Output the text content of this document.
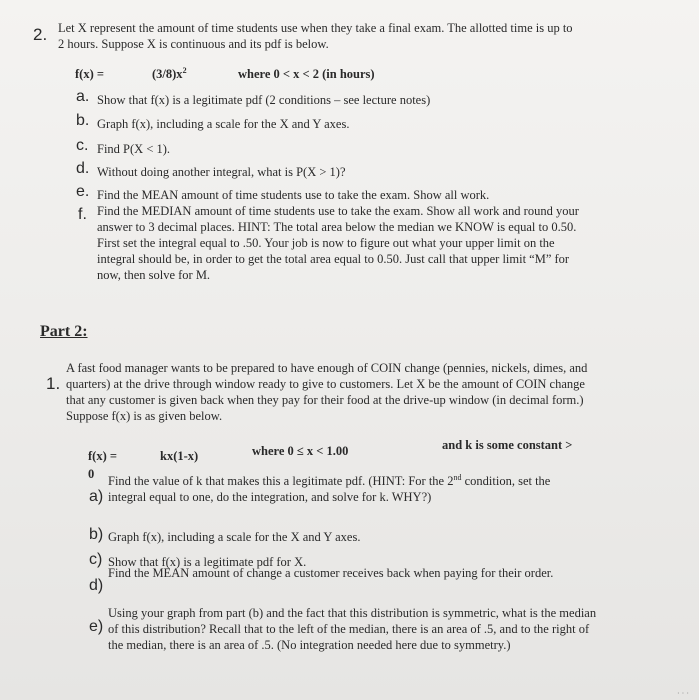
2. Let X represent the amount of time students use when they take a final exam. The allotted time is up to 2 hours. Suppose X is continuous and its pdf is below.
f(x) =	$(3/8)x^2$	where 0 < x < 2 (in hours)
a. Show that f(x) is a legitimate pdf (2 conditions – see lecture notes)
b. Graph f(x), including a scale for the X and Y axes.
c. Find P(X < 1).
d. Without doing another integral, what is P(X > 1)?
e. Find the MEAN amount of time students use to take the exam. Show all work.
f. Find the MEDIAN amount of time students use to take the exam. Show all work and round your answer to 3 decimal places. HINT: The total area below the median we KNOW is equal to 0.50. First set the integral equal to .50. Your job is now to figure out what your upper limit on the integral should be, in order to get the total area equal to 0.50. Just call that upper limit “M” for now, then solve for M.
Part 2:
1.
A fast food manager wants to be prepared to have enough of COIN change (pennies, nickels, dimes, and quarters) at the drive through window ready to give to customers. Let X be the amount of COIN change that any customer is given back when they pay for their food at the drive-up window (in decimal form.) Suppose f(x) is as given below.
f(x) =	kx(1-x)	where 0 ≤ x < 1.00	and k is some constant >
0
a)
Find the value of k that makes this a legitimate pdf. (HINT: For the 2nd condition, set the integral equal to one, do the integration, and solve for k. WHY?)
b) Graph f(x), including a scale for the X and Y axes.
c) Show that f(x) is a legitimate pdf for X.
d)
Find the MEAN amount of change a customer receives back when paying for their order.
e)
Using your graph from part (b) and the fact that this distribution is symmetric, what is the median of this distribution? Recall that to the left of the median, there is an area of .5, and to the right of the median, there is an area of .5. (No integration needed here due to symmetry.)
···
